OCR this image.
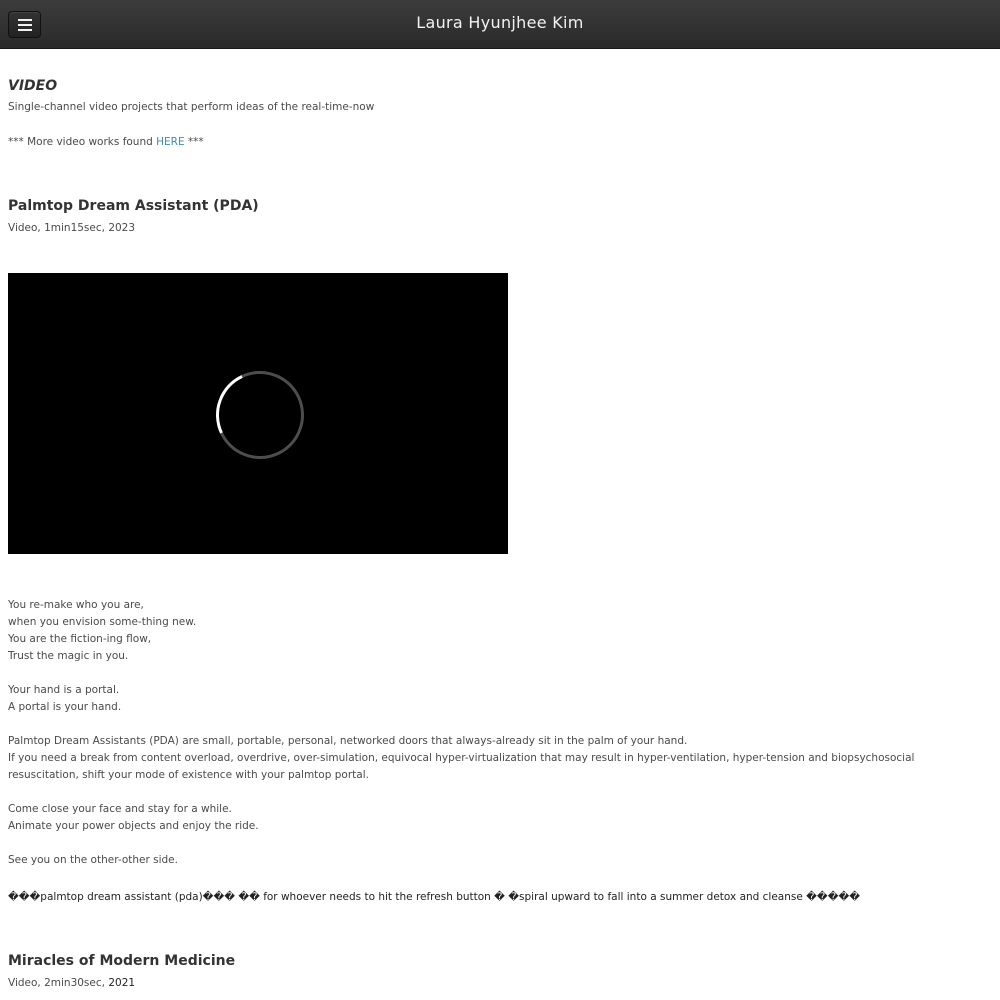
Laura Hyunjhee Kim
VIDEO
Single-channel video projects that perform ideas of the real-time-now
*** More video works found HERE ***
Palmtop Dream Assistant (PDA)
Video, 1min15sec, 2023

You re-make who you are,
when you envision some-thing new.
You are the fiction-ing flow,
Trust the magic in you.

Your hand is a portal.
A portal is your hand.

Palmtop Dream Assistants (PDA) are small, portable, personal, networked doors that always-already sit in the palm of your hand.
If you need a break from content overload, overdrive, over-simulation, equivocal hyper-virtualization that may result in hyper-ventilation, hyper-tension and biopsychosocial resuscitation, shift your mode of existence with your palmtop portal.

Come close your face and stay for a while.
Animate your power objects and enjoy the ride.

See you on the other-other side.

���palmtop dream assistant (pda)��� �� for whoever needs to hit the refresh button � �spiral upward to fall into a summer detox and cleanse �����
Miracles of Modern Medicine
Video, 2min30sec, 2021
